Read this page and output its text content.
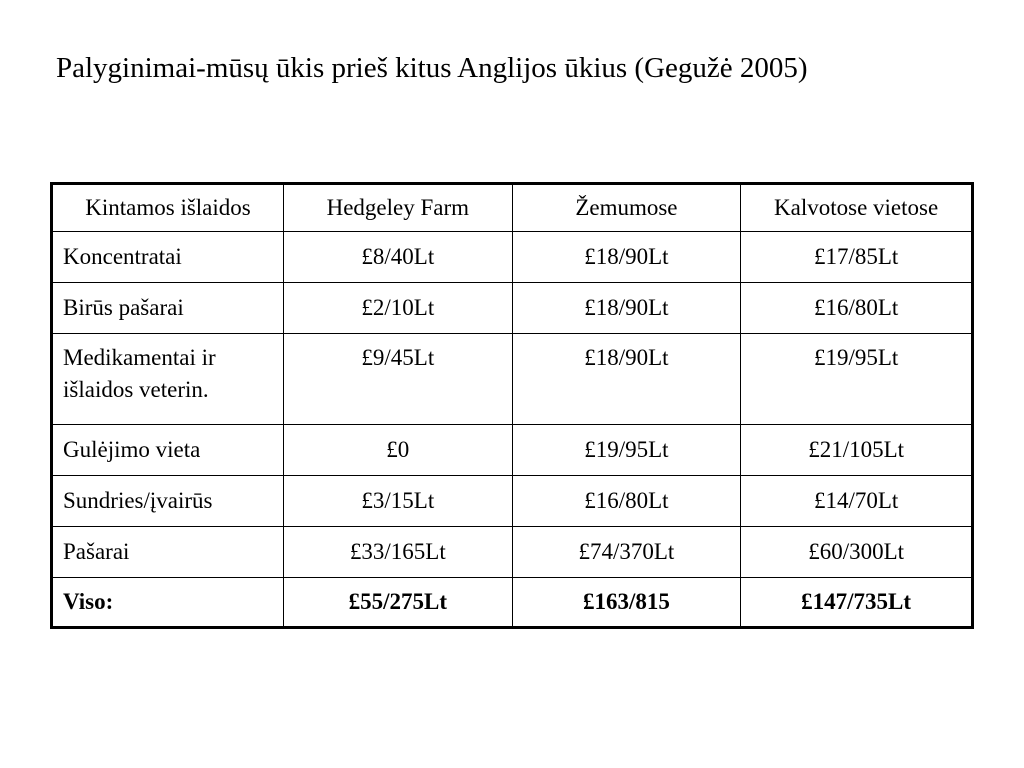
Palyginimai-mūsų ūkis prieš kitus Anglijos ūkius (Gegužė 2005)
Kintamos išlaidos	Hedgeley Farm	Žemumose	Kalvotose vietose
Koncentratai	£8/40Lt	£18/90Lt	£17/85Lt
Birūs pašarai	£2/10Lt	£18/90Lt	£16/80Lt

Medikamentai ir
išlaidos veterin.	£9/45Lt	£18/90Lt	£19/95Lt
Gulėjimo vieta	£0	£19/95Lt	£21/105Lt
Sundries/įvairūs	£3/15Lt	£16/80Lt	£14/70Lt
Pašarai	£33/165Lt	£74/370Lt	£60/300Lt
Viso:	£55/275Lt	£163/815	£147/735Lt
